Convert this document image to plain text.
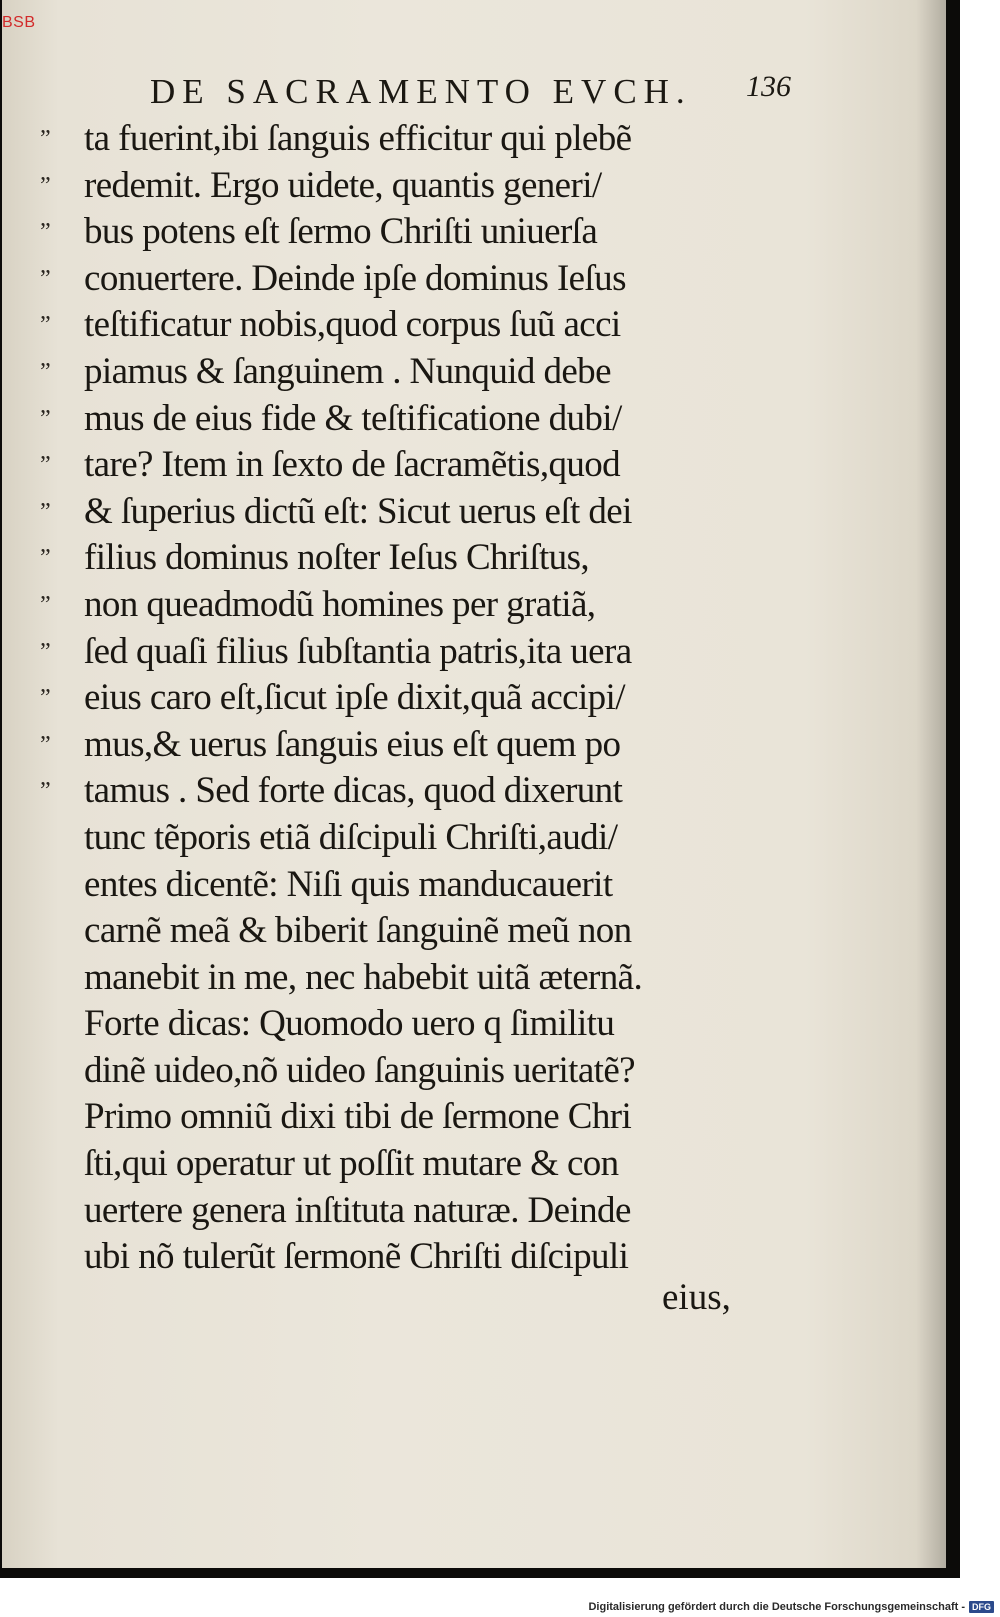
DE SACRAMENTO EVCH. 136
” ta fuerint,ibi ſanguis efficitur qui plebẽ
” redemit. Ergo uidete, quantis generi/
” bus potens eſt ſermo Chriſti uniuerſa
” conuertere. Deinde ipſe dominus Ieſus
” teſtificatur nobis,quod corpus ſuũ acci
” piamus & ſanguinem . Nunquid debe
” mus de eius fide & teſtificatione dubi/
” tare? Item in ſexto de ſacramẽtis,quod
” & ſuperius dictũ eſt: Sicut uerus eſt dei
” filius dominus noſter Ieſus Chriſtus,
” non queadmodũ homines per gratiã,
” ſed quaſi filius ſubſtantia patris,ita uera
” eius caro eſt,ſicut ipſe dixit,quã accipi/
” mus,& uerus ſanguis eius eſt quem po
” tamus . Sed forte dicas, quod dixerunt
tunc tẽporis etiã diſcipuli Chriſti,audi/
entes dicentẽ: Niſi quis manducauerit
carnẽ meã & biberit ſanguinẽ meũ non
manebit in me, nec habebit uitã æternã.
Forte dicas: Quomodo uero q ſimilitu
dinẽ uideo,nõ uideo ſanguinis ueritatẽ?
Primo omniũ dixi tibi de ſermone Chri
ſti,qui operatur ut poſſit mutare & con
uertere genera inſtituta naturæ. Deinde
ubi nõ tulerũt ſermonẽ Chriſti diſcipuli
eius,
BSB
Digitalisierung gefördert durch die Deutsche Forschungsgemeinschaft - DFG
